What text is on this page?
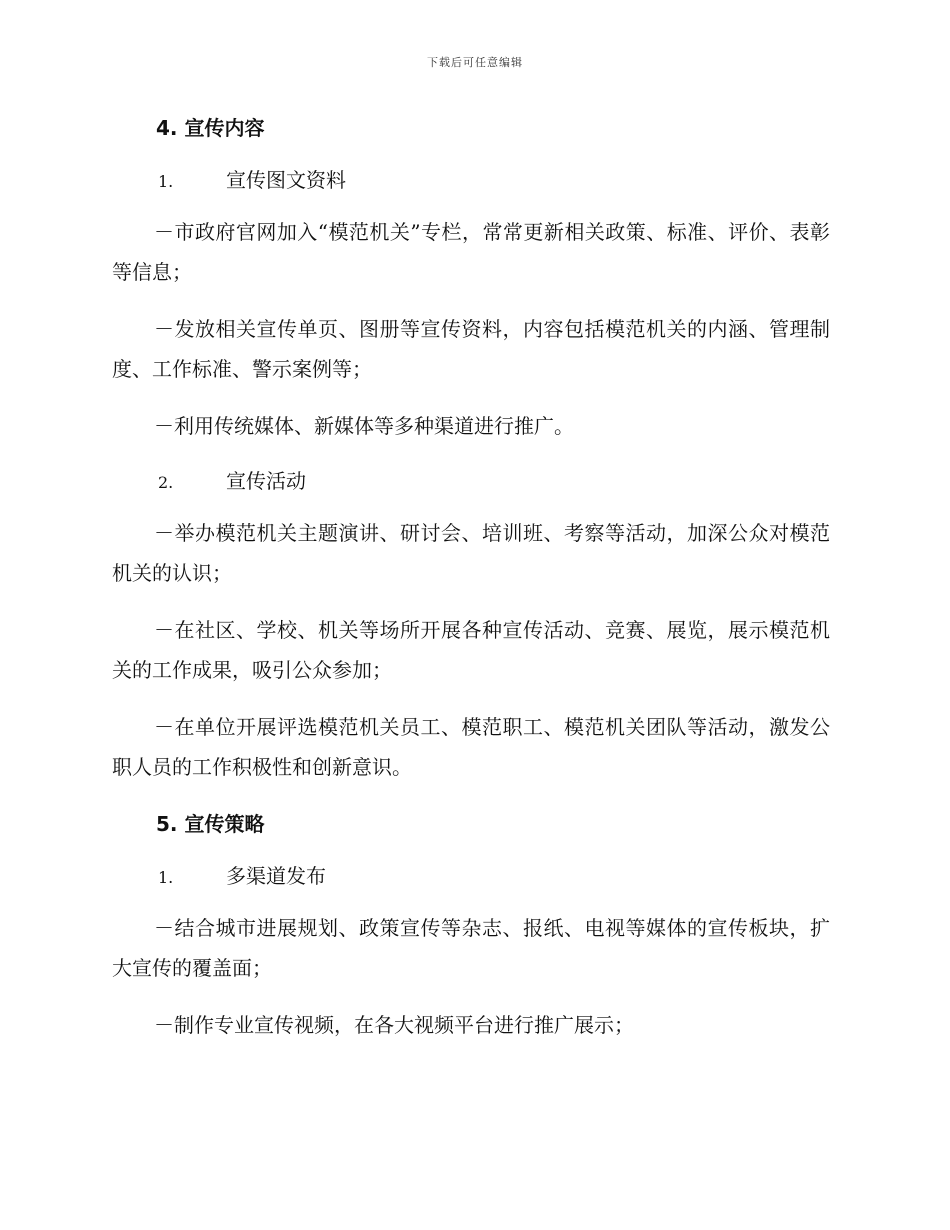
下载后可任意编辑
4. 宣传内容
1.	宣传图文资料
－市政府官网加入“模范机关”专栏，常常更新相关政策、标准、评价、表彰等信息；
－发放相关宣传单页、图册等宣传资料，内容包括模范机关的内涵、管理制度、工作标准、警示案例等；
－利用传统媒体、新媒体等多种渠道进行推广。
2.	宣传活动
－举办模范机关主题演讲、研讨会、培训班、考察等活动，加深公众对模范机关的认识；
－在社区、学校、机关等场所开展各种宣传活动、竞赛、展览，展示模范机关的工作成果，吸引公众参加；
－在单位开展评选模范机关员工、模范职工、模范机关团队等活动，激发公职人员的工作积极性和创新意识。
5. 宣传策略
1.	多渠道发布
－结合城市进展规划、政策宣传等杂志、报纸、电视等媒体的宣传板块，扩大宣传的覆盖面；
－制作专业宣传视频，在各大视频平台进行推广展示；
